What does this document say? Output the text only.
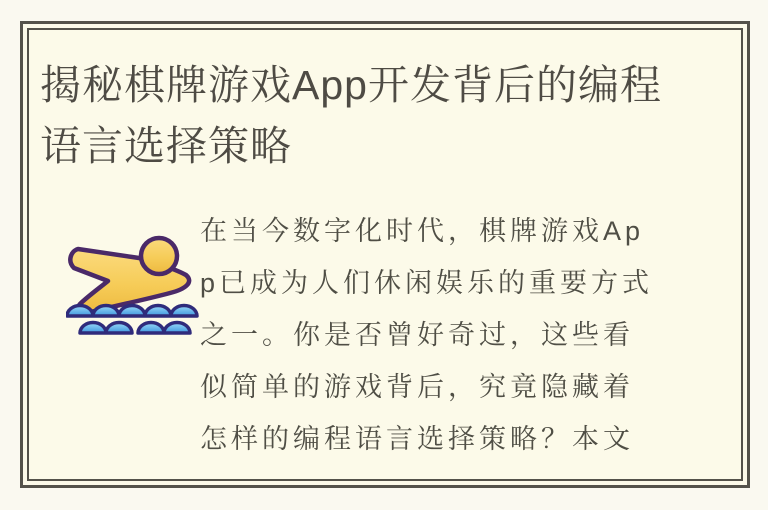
揭秘棋牌游戏App开发背后的编程
语言选择策略
在当今数字化时代，棋牌游戏Ap
p已成为人们休闲娱乐的重要方式
之一。你是否曾好奇过，这些看
似简单的游戏背后，究竟隐藏着
怎样的编程语言选择策略？本文
